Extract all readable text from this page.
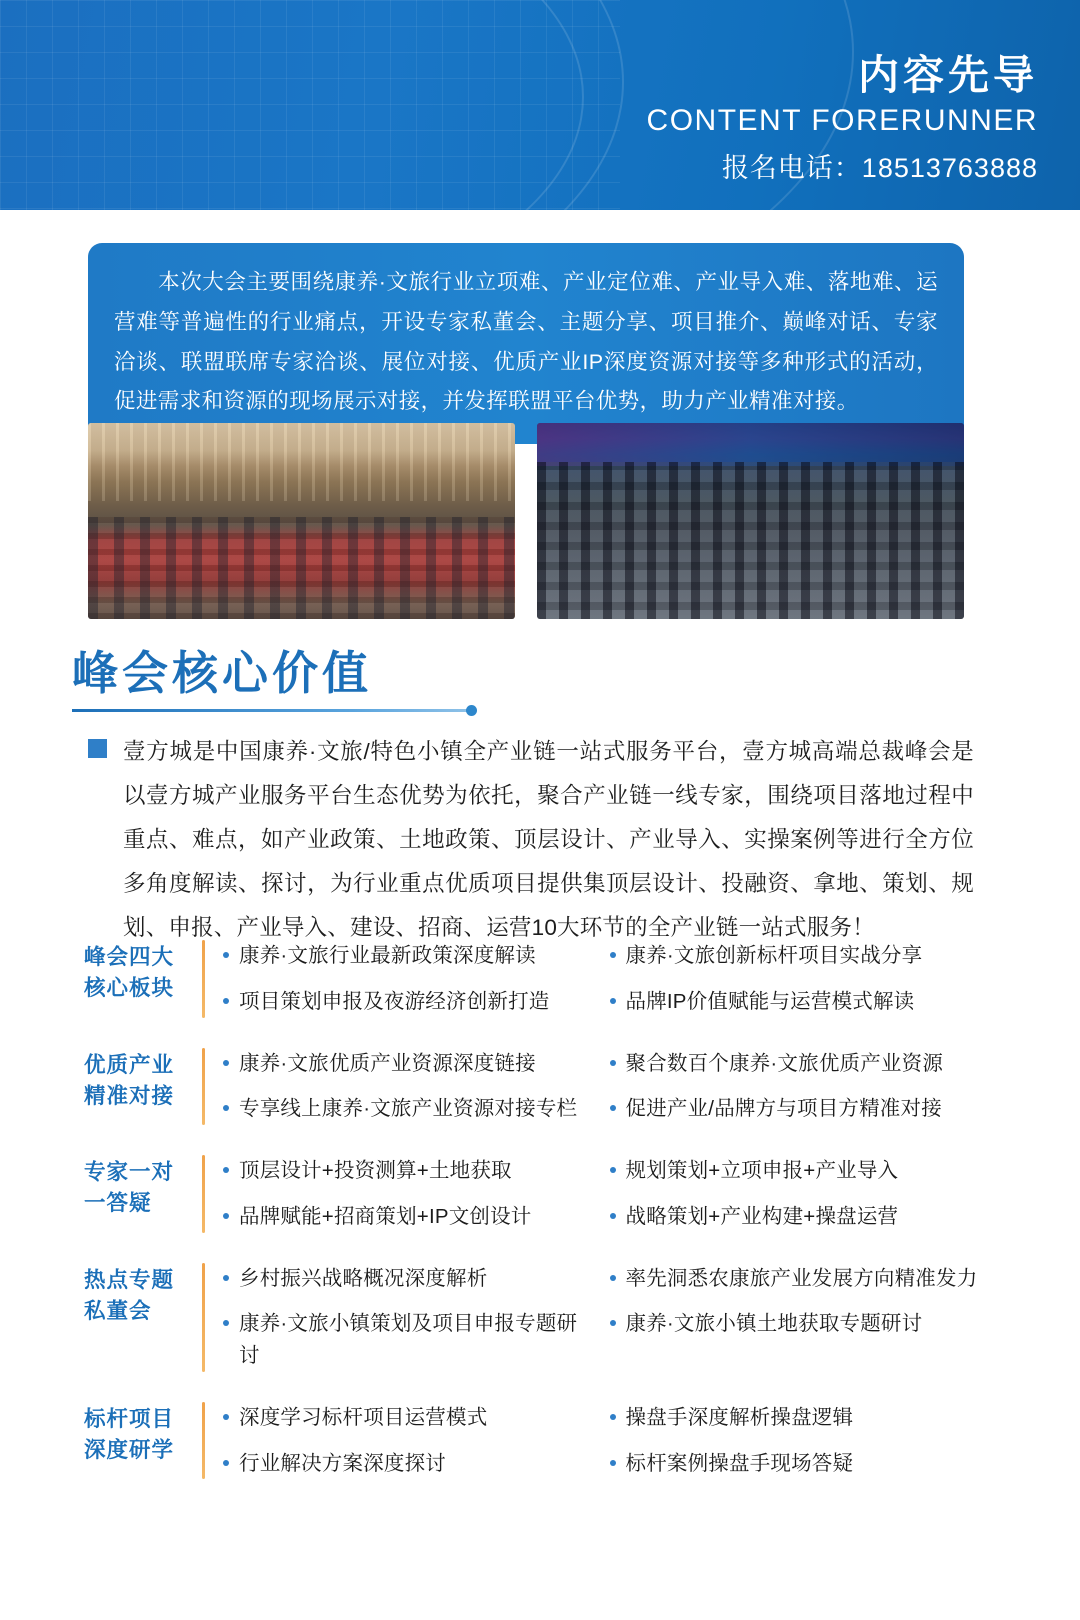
内容先导
CONTENT FORERUNNER
报名电话：18513763888
本次大会主要围绕康养·文旅行业立项难、产业定位难、产业导入难、落地难、运营难等普遍性的行业痛点，开设专家私董会、主题分享、项目推介、巅峰对话、专家洽谈、联盟联席专家洽谈、展位对接、优质产业IP深度资源对接等多种形式的活动，促进需求和资源的现场展示对接，并发挥联盟平台优势，助力产业精准对接。
峰会核心价值
壹方城是中国康养·文旅/特色小镇全产业链一站式服务平台，壹方城高端总裁峰会是以壹方城产业服务平台生态优势为依托，聚合产业链一线专家，围绕项目落地过程中重点、难点，如产业政策、土地政策、顶层设计、产业导入、实操案例等进行全方位多角度解读、探讨，为行业重点优质项目提供集顶层设计、投融资、拿地、策划、规划、申报、产业导入、建设、招商、运营10大环节的全产业链一站式服务！
峰会四大
核心板块
康养·文旅行业最新政策深度解读
项目策划申报及夜游经济创新打造
康养·文旅创新标杆项目实战分享
品牌IP价值赋能与运营模式解读
优质产业
精准对接
康养·文旅优质产业资源深度链接
专享线上康养·文旅产业资源对接专栏
聚合数百个康养·文旅优质产业资源
促进产业/品牌方与项目方精准对接
专家一对
一答疑
顶层设计+投资测算+土地获取
品牌赋能+招商策划+IP文创设计
规划策划+立项申报+产业导入
战略策划+产业构建+操盘运营
热点专题
私董会
乡村振兴战略概况深度解析
康养·文旅小镇策划及项目申报专题研讨
率先洞悉农康旅产业发展方向精准发力
康养·文旅小镇土地获取专题研讨
标杆项目
深度研学
深度学习标杆项目运营模式
行业解决方案深度探讨
操盘手深度解析操盘逻辑
标杆案例操盘手现场答疑
